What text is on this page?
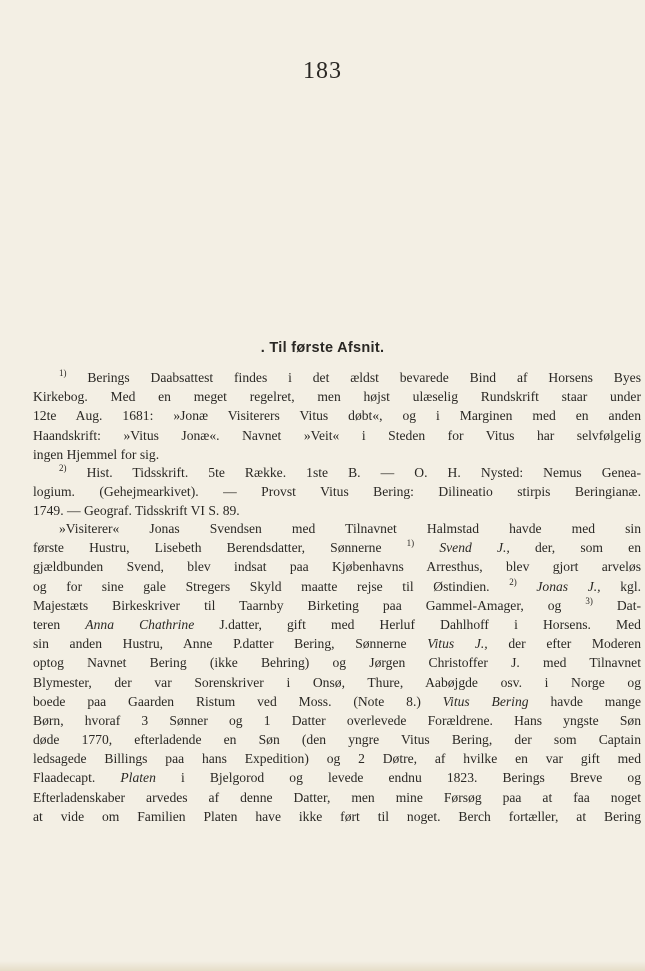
183
. Til første Afsnit.
$^{1)}$ Berings Daabsattest findes i det ældst bevarede Bind af Horsens Byes
Kirkebog. Med en meget regelret, men højst ulæselig Rundskrift staar under
12te Aug. 1681: »Jonæ Visiterers Vitus døbt«, og i Marginen med en anden
Haandskrift: »Vitus Jonæ«. Navnet »Veit« i Steden for Vitus har selvfølgelig
ingen Hjemmel for sig.
$^{2)}$ Hist. Tidsskrift. 5te Række. 1ste B. — O. H. Nysted: Nemus Genea-
logium. (Gehejmearkivet). — Provst Vitus Bering: Dilineatio stirpis Beringianæ.
1749. — Geograf. Tidsskrift VI S. 89.
»Visiterer« Jonas Svendsen med Tilnavnet Halmstad havde med sin
første Hustru, Lisebeth Berendsdatter, Sønnerne	$^{1)}$ Svend J., der, som en
gjældbunden Svend, blev indsat paa Kjøbenhavns Arresthus, blev gjort arveløs
og for sine gale Stregers Skyld maatte rejse til Østindien. $^{2)}$ Jonas J., kgl.
Majestæts Birkeskriver til Taarnby Birketing paa Gammel-Amager, og	$^{3)}$ Dat-
teren Anna Chathrine J.datter, gift med Herluf Dahlhoff i Horsens. Med
sin anden Hustru, Anne P.datter Bering, Sønnerne Vitus J., der efter Moderen
optog Navnet Bering (ikke Behring) og Jørgen Christoffer J. med Tilnavnet
Blymester, der var Sorenskriver i Onsø, Thure, Aabøjgde osv. i Norge og
boede paa Gaarden Ristum ved Moss. (Note 8.) Vitus Bering havde mange
Børn, hvoraf 3 Sønner og 1 Datter overlevede Forældrene. Hans yngste Søn
døde 1770, efterladende en Søn (den yngre Vitus Bering, der som Captain
ledsagede Billings paa hans Expedition) og 2 Døtre, af hvilke en var gift med
Flaadecapt. Platen i Bjelgorod og levede endnu 1823. Berings Breve og
Efterladenskaber arvedes af denne Datter, men mine Førsøg paa at faa noget
at vide om Familien Platen have ikke ført til noget. Berch fortæller, at Bering
